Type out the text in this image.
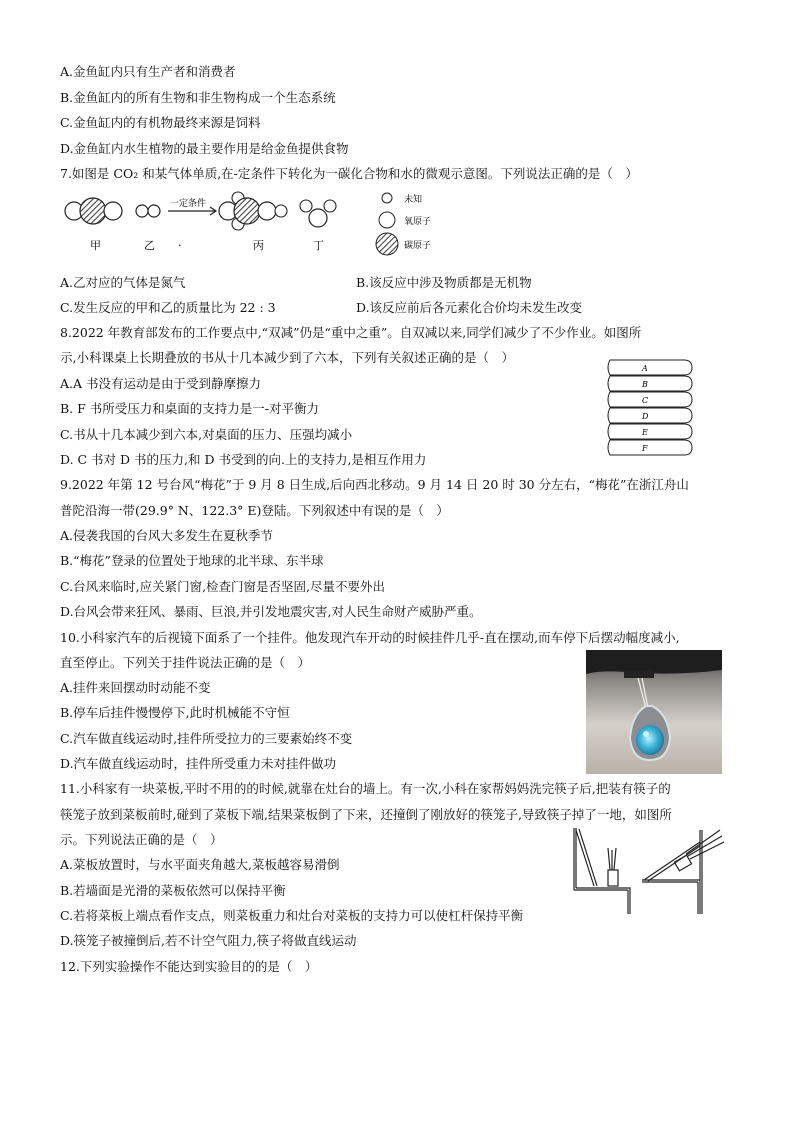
A.金鱼缸内只有生产者和消费者
B.金鱼缸内的所有生物和非生物构成一个生态系统
C.金鱼缸内的有机物最终来源是饲料
D.金鱼缸内水生植物的最主要作用是给金鱼提供食物
7.如图是 CO₂ 和某气体单质,在-定条件下转化为一碳化合物和水的微观示意图。下列说法正确的是（　）
一定条件
甲	乙 ·	丙	丁
未知
氧原子
碳原子
A.乙对应的气体是氮气	B.该反应中涉及物质都是无机物
C.发生反应的甲和乙的质量比为 22 : 3	D.该反应前后各元素化合价均未发生改变
8.2022 年教育部发布的工作要点中,“双减”仍是“重中之重”。自双减以来,同学们减少了不少作业。如图所
示,小科课桌上长期叠放的书从十几本减少到了六本，下列有关叙述正确的是（　）
A
B
C
D
E
F
A.A 书没有运动是由于受到静摩擦力
B. F 书所受压力和桌面的支持力是一-对平衡力
C.书从十几本减少到六本,对桌面的压力、压强均减小
D. C 书对 D 书的压力,和 D 书受到的向.上的支持力,是相互作用力
9.2022 年第 12 号台风“梅花”于 9 月 8 日生成,后向西北移动。9 月 14 日 20 时 30 分左右，“梅花”在浙江舟山
普陀沿海一带(29.9° N、122.3° E)登陆。下列叙述中有误的是（　）
A.侵袭我国的台风大多发生在夏秋季节
B.“梅花”登录的位置处于地球的北半球、东半球
C.台风来临时,应关紧门窗,检查门窗是否坚固,尽量不要外出
D.台风会带来狂风、暴雨、巨浪,并引发地震灾害,对人民生命财产威胁严重。
10.小科家汽车的后视镜下面系了一个挂件。他发现汽车开动的时候挂件几乎-直在摆动,而车停下后摆动幅度减小,
直至停止。下列关于挂件说法正确的是（　）
A.挂件来回摆动时动能不变
B.停车后挂件慢慢停下,此时机械能不守恒
C.汽车做直线运动时,挂件所受拉力的三要素始终不变
D.汽车做直线运动时，挂件所受重力未对挂件做功
11.小科家有一块菜板,平时不用的的时候,就靠在灶台的墙上。有一次,小科在家帮妈妈洗完筷子后,把装有筷子的
筷笼子放到菜板前时,碰到了菜板下端,结果菜板倒了下来，还撞倒了刚放好的筷笼子,导致筷子掉了一地，如图所
示。下列说法正确的是（　）
A.菜板放置时，与水平面夹角越大,菜板越容易滑倒
B.若墙面是光滑的菜板依然可以保持平衡
C.若将菜板上端点看作支点，则菜板重力和灶台对菜板的支持力可以使杠杆保持平衡
D.筷笼子被撞倒后,若不计空气阻力,筷子将做直线运动
12.下列实验操作不能达到实验目的的是（　）
